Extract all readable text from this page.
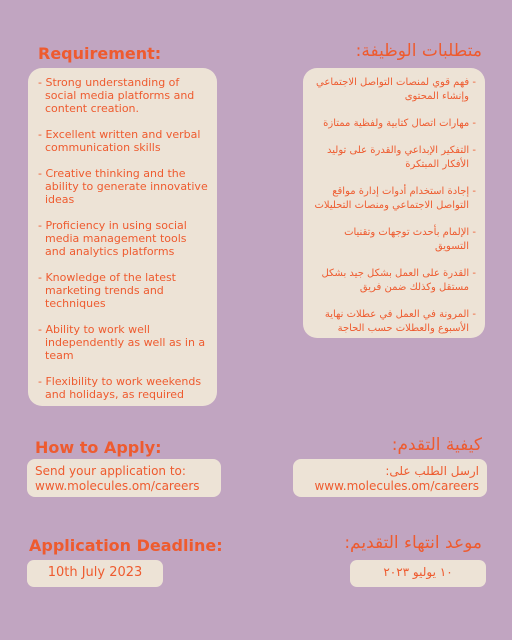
Requirement:	متطلبات الوظيفة:
- Strong understanding of social media platforms and content creation.
- Excellent written and verbal communication skills
- Creative thinking and the ability to generate innovative ideas
- Proficiency in using social media management tools and analytics platforms
- Knowledge of the latest marketing trends and techniques
- Ability to work well independently as well as in a team
- Flexibility to work weekends and holidays, as required
- فهم قوي لمنصات التواصل الاجتماعي وإنشاء المحتوى
- مهارات اتصال كتابية ولفظية ممتازة
- التفكير الإبداعي والقدرة على توليد الأفكار المبتكرة
- إجادة استخدام أدوات إدارة مواقع التواصل الاجتماعي ومنصات التحليلات
- الإلمام بأحدث توجهات وتقنيات التسويق
- القدرة على العمل بشكل جيد بشكل مستقل وكذلك ضمن فريق
- المرونة في العمل في عطلات نهاية الأسبوع والعطلات حسب الحاجة
How to Apply:	كيفية التقدم:
Send your application to:
www.molecules.om/careers
ارسل الطلب على:
www.molecules.om/careers
Application Deadline:	موعد انتهاء التقديم:
10th July 2023	١٠ يوليو ٢٠٢٣
